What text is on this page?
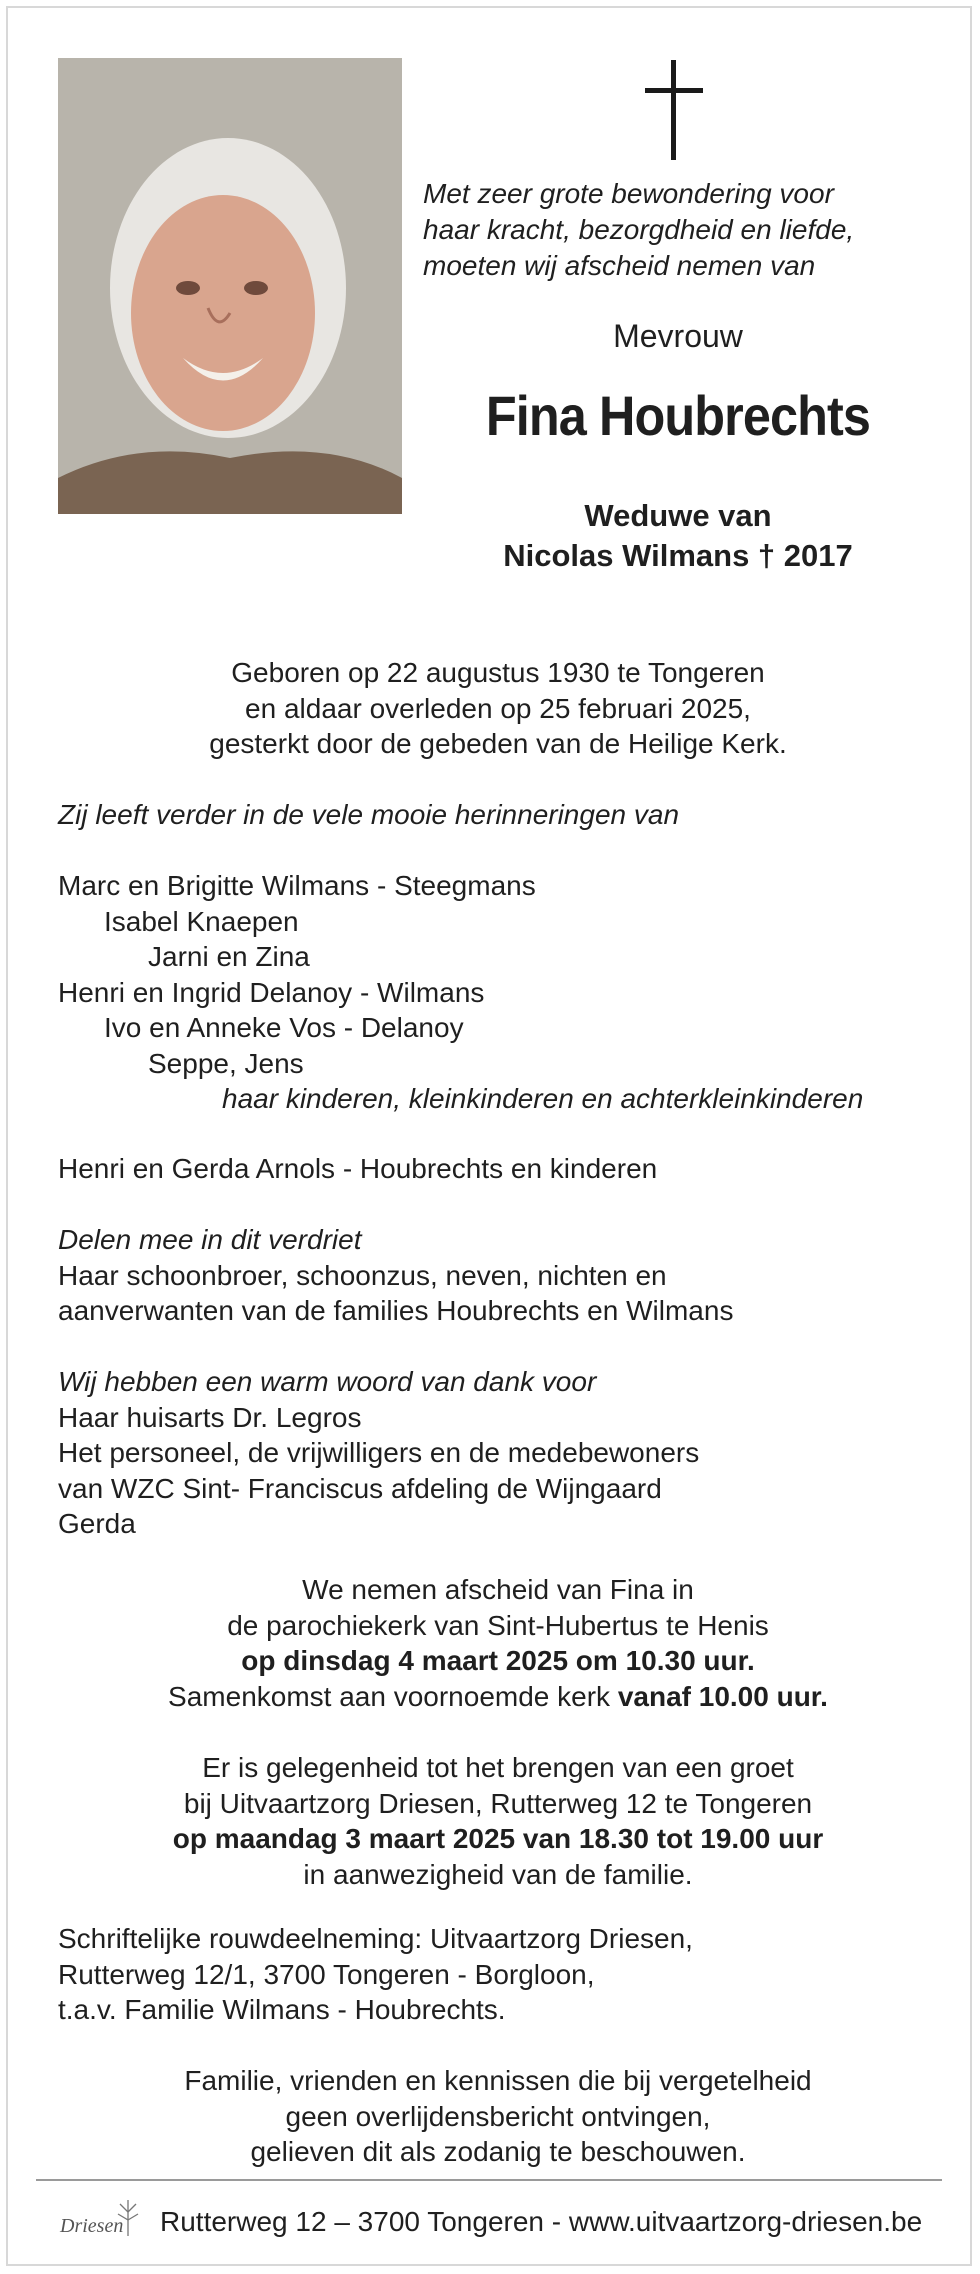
Met zeer grote bewondering voor
haar kracht, bezorgdheid en liefde,
moeten wij afscheid nemen van
Mevrouw
Fina Houbrechts
Weduwe van
Nicolas Wilmans † 2017
Geboren op 22 augustus 1930 te Tongeren
en aldaar overleden op 25 februari 2025,
gesterkt door de gebeden van de Heilige Kerk.
Zij leeft verder in de vele mooie herinneringen van
Marc en Brigitte Wilmans - Steegmans
Isabel Knaepen
Jarni en Zina
Henri en Ingrid Delanoy - Wilmans
Ivo en Anneke Vos - Delanoy
Seppe, Jens
haar kinderen, kleinkinderen en achterkleinkinderen
Henri en Gerda Arnols - Houbrechts en kinderen
Delen mee in dit verdriet
Haar schoonbroer, schoonzus, neven, nichten en
aanverwanten van de families Houbrechts en Wilmans
Wij hebben een warm woord van dank voor
Haar huisarts Dr. Legros
Het personeel, de vrijwilligers en de medebewoners
van WZC Sint- Franciscus afdeling de Wijngaard
Gerda
We nemen afscheid van Fina in
de parochiekerk van Sint-Hubertus te Henis
op dinsdag 4 maart 2025 om 10.30 uur.
Samenkomst aan voornoemde kerk vanaf 10.00 uur.
Er is gelegenheid tot het brengen van een groet
bij Uitvaartzorg Driesen, Rutterweg 12 te Tongeren
op maandag 3 maart 2025 van 18.30 tot 19.00 uur
in aanwezigheid van de familie.
Schriftelijke rouwdeelneming: Uitvaartzorg Driesen,
Rutterweg 12/1, 3700 Tongeren - Borgloon,
t.a.v. Familie Wilmans - Houbrechts.
Familie, vrienden en kennissen die bij vergetelheid
geen overlijdensbericht ontvingen,
gelieven dit als zodanig te beschouwen.
Driesen Rutterweg 12 – 3700 Tongeren - www.uitvaartzorg-driesen.be
